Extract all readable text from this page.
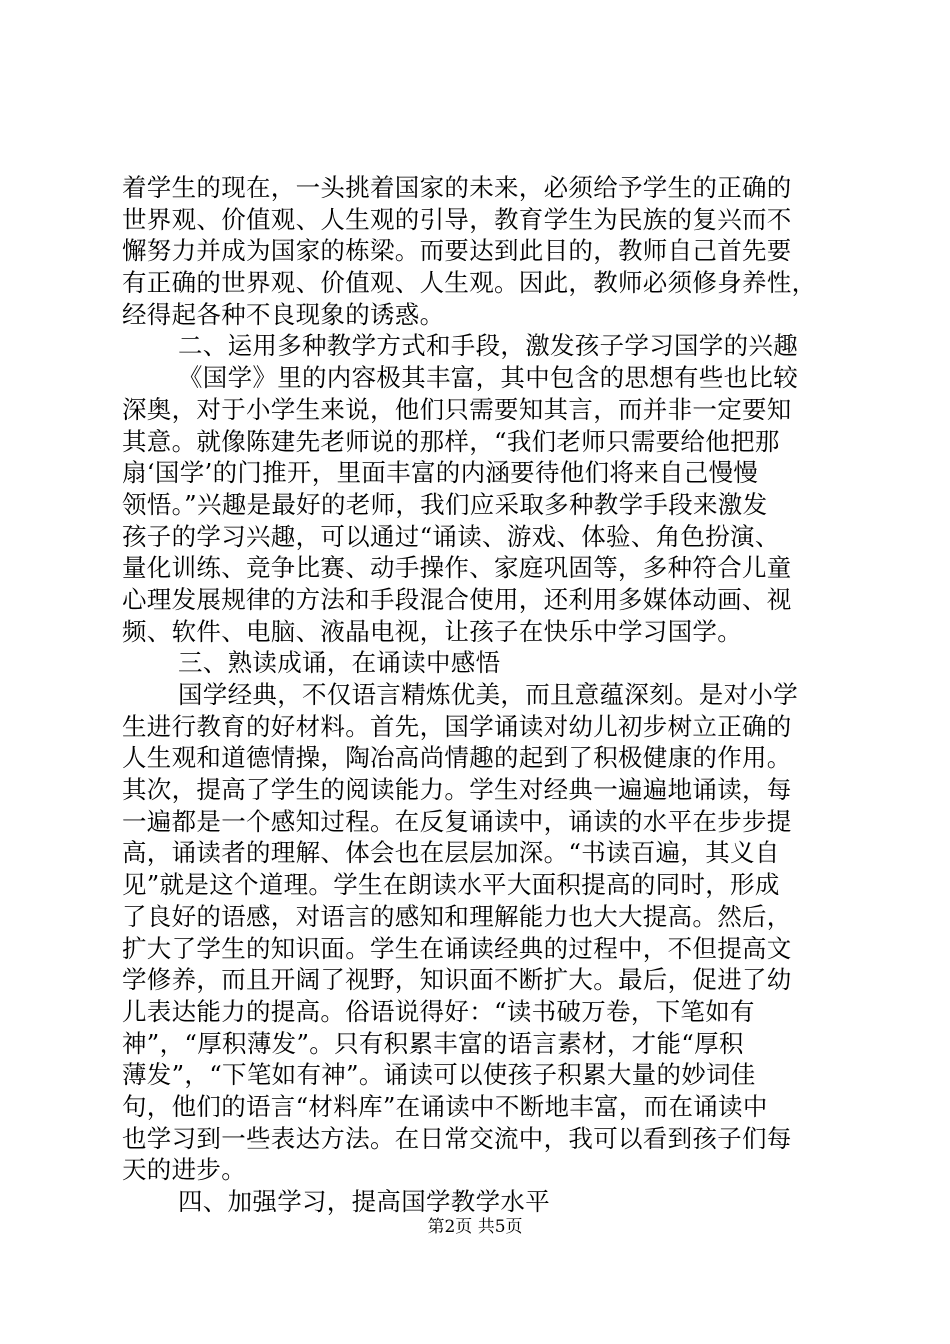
着学生的现在，一头挑着国家的未来，必须给予学生的正确的
世界观、价值观、人生观的引导，教育学生为民族的复兴而不
懈努力并成为国家的栋梁。而要达到此目的，教师自己首先要
有正确的世界观、价值观、人生观。因此，教师必须修身养性，
经得起各种不良现象的诱惑。
二、运用多种教学方式和手段，激发孩子学习国学的兴趣
《国学》里的内容极其丰富，其中包含的思想有些也比较
深奥，对于小学生来说，他们只需要知其言，而并非一定要知
其意。就像陈建先老师说的那样，“我们老师只需要给他把那
扇‘国学’的门推开，里面丰富的内涵要待他们将来自己慢慢
领悟。”兴趣是最好的老师，我们应采取多种教学手段来激发
孩子的学习兴趣，可以通过“诵读、游戏、体验、角色扮演、
量化训练、竞争比赛、动手操作、家庭巩固等，多种符合儿童
心理发展规律的方法和手段混合使用，还利用多媒体动画、视
频、软件、电脑、液晶电视，让孩子在快乐中学习国学。
三、熟读成诵，在诵读中感悟
国学经典，不仅语言精炼优美，而且意蕴深刻。是对小学
生进行教育的好材料。首先，国学诵读对幼儿初步树立正确的
人生观和道德情操，陶冶高尚情趣的起到了积极健康的作用。
其次，提高了学生的阅读能力。学生对经典一遍遍地诵读，每
一遍都是一个感知过程。在反复诵读中，诵读的水平在步步提
高，诵读者的理解、体会也在层层加深。“书读百遍，其义自
见”就是这个道理。学生在朗读水平大面积提高的同时，形成
了良好的语感，对语言的感知和理解能力也大大提高。然后，
扩大了学生的知识面。学生在诵读经典的过程中，不但提高文
学修养，而且开阔了视野，知识面不断扩大。最后，促进了幼
儿表达能力的提高。俗语说得好：“读书破万卷，下笔如有
神”，“厚积薄发”。只有积累丰富的语言素材，才能“厚积
薄发”，“下笔如有神”。诵读可以使孩子积累大量的妙词佳
句，他们的语言“材料库”在诵读中不断地丰富，而在诵读中
也学习到一些表达方法。在日常交流中，我可以看到孩子们每
天的进步。
四、加强学习，提高国学教学水平
第2页 共5页
